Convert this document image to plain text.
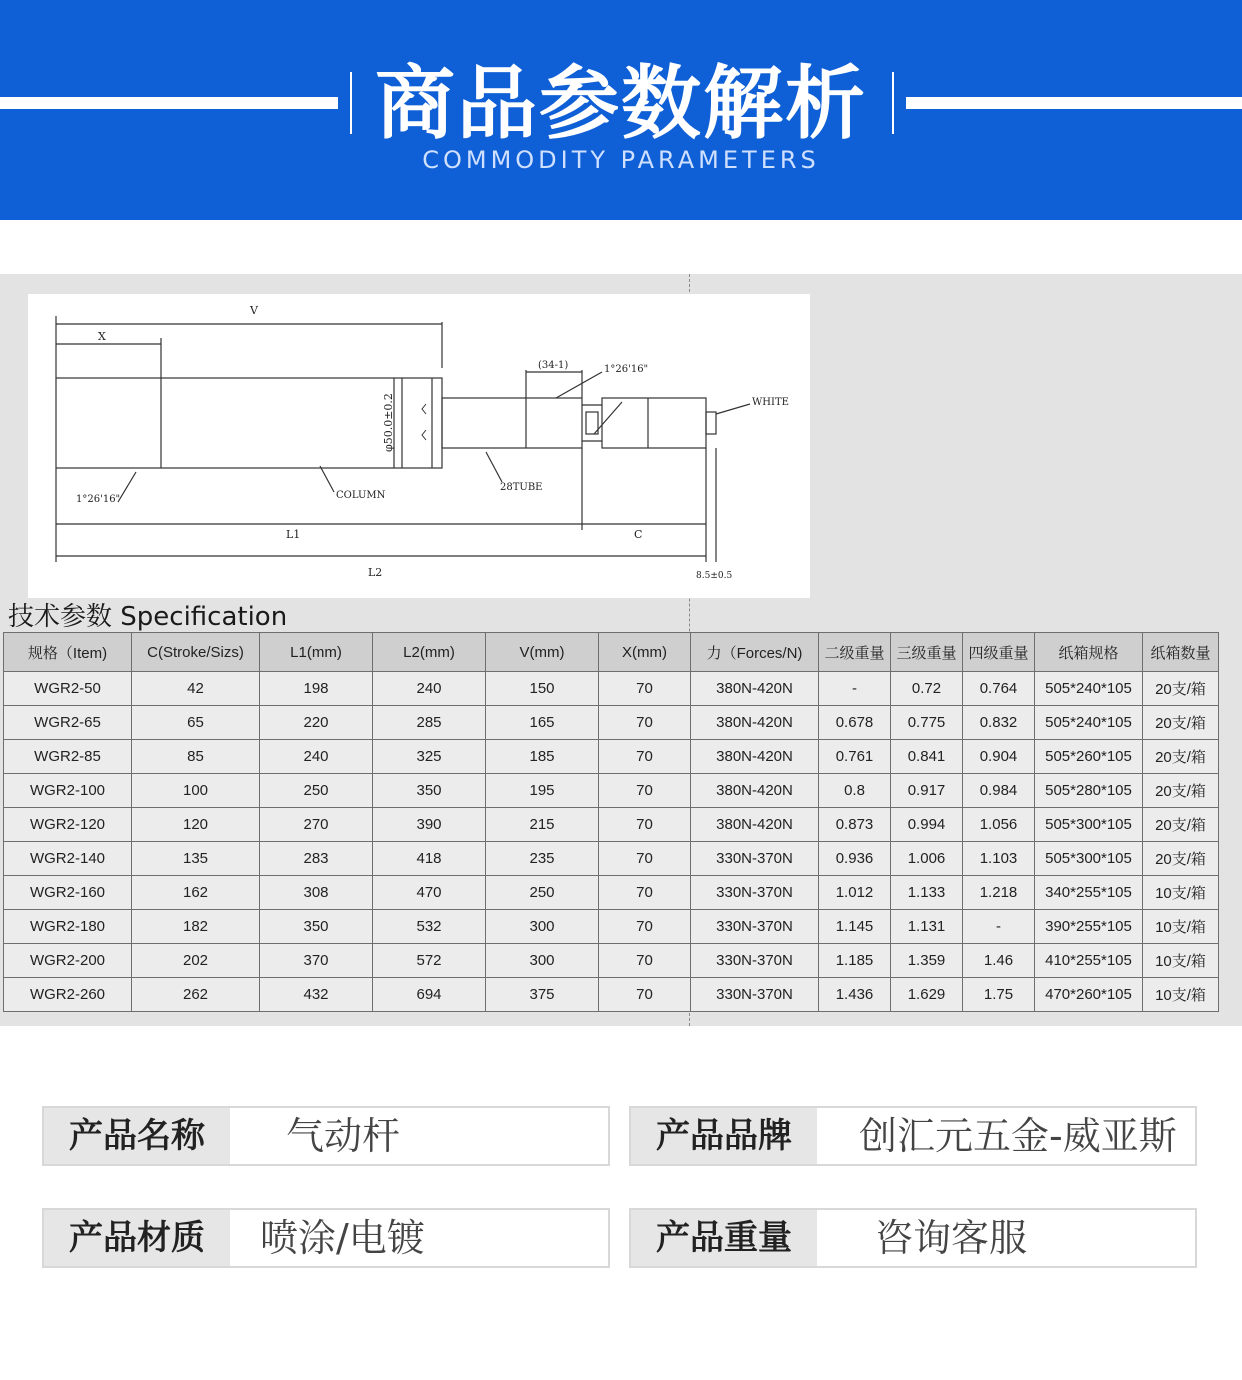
商品参数解析
COMMODITY PARAMETERS
V
X
(34-1)	1°26'16"
WHITE
φ50.0±0.2
1°26'16"	COLUMN
28TUBE
L1	C
L2	8.5±0.5
技术参数 Specification
规格（Item)	C(Stroke/Sizs)	L1(mm)	L2(mm)	V(mm)	X(mm)	力（Forces/N)	二级重量	三级重量	四级重量	纸箱规格	纸箱数量
WGR2-50	42	198	240	150	70	380N-420N	-	0.72	0.764	505*240*105	20支/箱
WGR2-65	65	220	285	165	70	380N-420N	0.678	0.775	0.832	505*240*105	20支/箱
WGR2-85	85	240	325	185	70	380N-420N	0.761	0.841	0.904	505*260*105	20支/箱
WGR2-100	100	250	350	195	70	380N-420N	0.8	0.917	0.984	505*280*105	20支/箱
WGR2-120	120	270	390	215	70	380N-420N	0.873	0.994	1.056	505*300*105	20支/箱
WGR2-140	135	283	418	235	70	330N-370N	0.936	1.006	1.103	505*300*105	20支/箱
WGR2-160	162	308	470	250	70	330N-370N	1.012	1.133	1.218	340*255*105	10支/箱
WGR2-180	182	350	532	300	70	330N-370N	1.145	1.131	-	390*255*105	10支/箱
WGR2-200	202	370	572	300	70	330N-370N	1.185	1.359	1.46	410*255*105	10支/箱
WGR2-260	262	432	694	375	70	330N-370N	1.436	1.629	1.75	470*260*105	10支/箱
产品名称	气动杆	产品品牌	创汇元五金-威亚斯
产品材质	喷涂/电镀	产品重量	咨询客服
